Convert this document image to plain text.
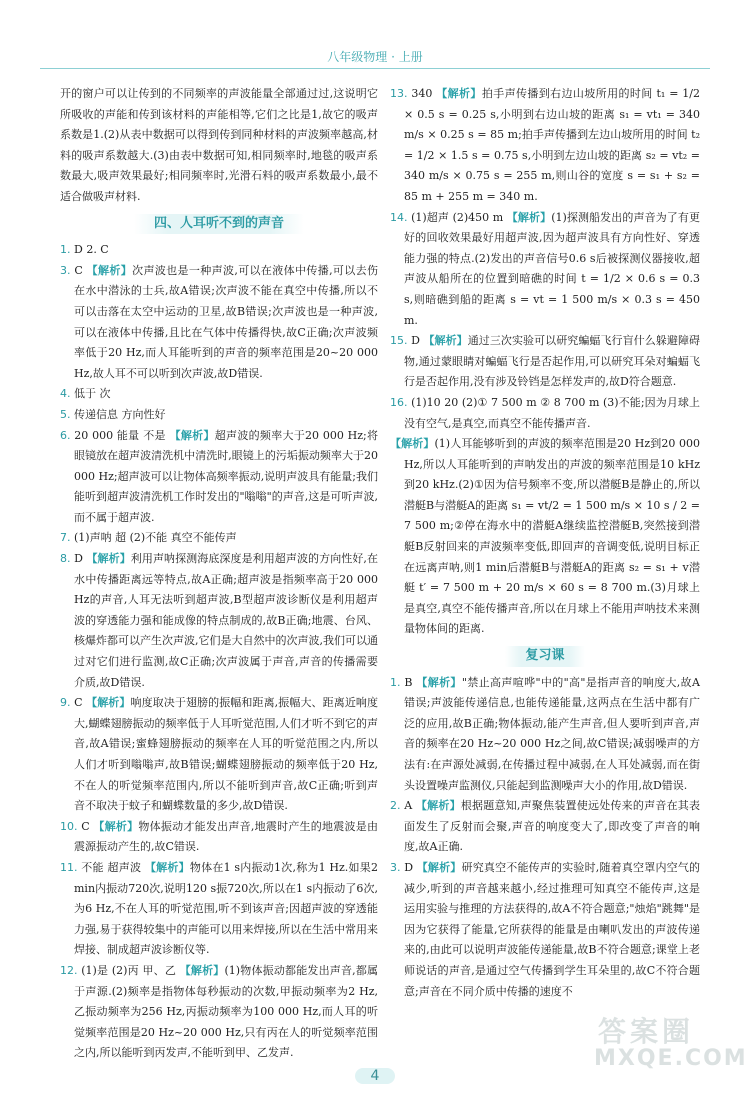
八年级物理 · 上册

开的窗户可以让传到的不同频率的声波能量全部通过过,这说明它所吸收的声能和传到该材料的声能相等,它们之比是1,故它的吸声系数是1.(2)从表中数据可以得到传到同种材料的声波频率越高,材料的吸声系数越大.(3)由表中数据可知,相同频率时,地毯的吸声系数最大,吸声效果最好;相同频率时,光滑石料的吸声系数最小,最不适合做吸声材料.

四、人耳听不到的声音

1. D 2. C

3. C 【解析】次声波也是一种声波,可以在液体中传播,可以去伤在水中潜泳的士兵,故A错误;次声波不能在真空中传播,所以不可以击落在太空中运动的卫星,故B错误;次声波也是一种声波,可以在液体中传播,且比在气体中传播得快,故C正确;次声波频率低于20 Hz,而人耳能听到的声音的频率范围是20~20 000 Hz,故人耳不可以听到次声波,故D错误.

4. 低于 次

5. 传递信息 方向性好

6. 20 000 能量 不是 【解析】超声波的频率大于20 000 Hz;将眼镜放在超声波清洗机中清洗时,眼镜上的污垢振动频率大于20 000 Hz;超声波可以让物体高频率振动,说明声波具有能量;我们能听到超声波清洗机工作时发出的"嗡嗡"的声音,这是可听声波,而不属于超声波.

7. (1)声呐 超 (2)不能 真空不能传声

8. D 【解析】利用声呐探测海底深度是利用超声波的方向性好,在水中传播距离远等特点,故A正确;超声波是指频率高于20 000 Hz的声音,人耳无法听到超声波,B型超声波诊断仪是利用超声波的穿透能力强和能成像的特点制成的,故B正确;地震、台风、核爆炸都可以产生次声波,它们是大自然中的次声波,我们可以通过对它们进行监测,故C正确;次声波属于声音,声音的传播需要介质,故D错误.

9. C 【解析】响度取决于翅膀的振幅和距离,振幅大、距离近响度大,蝴蝶翅膀振动的频率低于人耳听觉范围,人们才听不到它的声音,故A错误;蜜蜂翅膀振动的频率在人耳的听觉范围之内,所以人们才听到嗡嗡声,故B错误;蝴蝶翅膀振动的频率低于20 Hz,不在人的听觉频率范围内,所以不能听到声音,故C正确;听到声音不取决于蚊子和蝴蝶数量的多少,故D错误.

10. C 【解析】物体振动才能发出声音,地震时产生的地震波是由震源振动产生的,故C错误.

11. 不能 超声波 【解析】物体在1 s内振动1次,称为1 Hz.如果2 min内振动720次,说明120 s振720次,所以在1 s内振动了6次,为6 Hz,不在人耳的听觉范围,听不到该声音;因超声波的穿透能力强,易于获得较集中的声能可以用来焊接,所以在生活中常用来焊接、制成超声波诊断仪等.

12. (1)是 (2)丙 甲、乙 【解析】(1)物体振动都能发出声音,都属于声源.(2)频率是指物体每秒振动的次数,甲振动频率为2 Hz,乙振动频率为256 Hz,丙振动频率为100 000 Hz,而人耳的听觉频率范围是20 Hz~20 000 Hz,只有丙在人的听觉频率范围之内,所以能听到丙发声,不能听到甲、乙发声.

13. 340 【解析】拍手声传播到右边山坡所用的时间 t₁ = 1/2 × 0.5 s = 0.25 s,小明到右边山坡的距离 s₁ = vt₁ = 340 m/s × 0.25 s = 85 m;拍手声传播到左边山坡所用的时间 t₂ = 1/2 × 1.5 s = 0.75 s,小明到左边山坡的距离 s₂ = vt₂ = 340 m/s × 0.75 s = 255 m,则山谷的宽度 s = s₁ + s₂ = 85 m + 255 m = 340 m.

14. (1)超声 (2)450 m 【解析】(1)探测船发出的声音为了有更好的回收效果最好用超声波,因为超声波具有方向性好、穿透能力强的特点.(2)发出的声音信号0.6 s后被探测仪器接收,超声波从船所在的位置到暗礁的时间 t = 1/2 × 0.6 s = 0.3 s,则暗礁到船的距离 s = vt = 1 500 m/s × 0.3 s = 450 m.

15. D 【解析】通过三次实验可以研究蝙蝠飞行盲什么躲避障碍物,通过蒙眼睛对蝙蝠飞行是否起作用,可以研究耳朵对蝙蝠飞行是否起作用,没有涉及铃铛是怎样发声的,故D符合题意.

16. (1)10 20 (2)① 7 500 m ② 8 700 m (3)不能;因为月球上没有空气,是真空,而真空不能传播声音.

【解析】(1)人耳能够听到的声波的频率范围是20 Hz到20 000 Hz,所以人耳能听到的声呐发出的声波的频率范围是10 kHz到20 kHz.(2)①因为信号频率不变,所以潜艇B是静止的,所以潜艇B与潜艇A的距离 s₁ = vt/2 = 1 500 m/s × 10 s / 2 = 7 500 m;②停在海水中的潜艇A继续监控潜艇B,突然接到潜艇B反射回来的声波频率变低,即回声的音调变低,说明目标正在远离声呐,则1 min后潜艇B与潜艇A的距离 s₂ = s₁ + v潜艇 t′ = 7 500 m + 20 m/s × 60 s = 8 700 m.(3)月球上是真空,真空不能传播声音,所以在月球上不能用声呐技术来测量物体间的距离.

复习课

1. B 【解析】"禁止高声喧哗"中的"高"是指声音的响度大,故A错误;声波能传递信息,也能传递能量,这两点在生活中都有广泛的应用,故B正确;物体振动,能产生声音,但人要听到声音,声音的频率在20 Hz~20 000 Hz之间,故C错误;减弱噪声的方法有:在声源处减弱,在传播过程中减弱,在人耳处减弱,而在街头设置噪声监测仪,只能起到监测噪声大小的作用,故D错误.

2. A 【解析】根据题意知,声聚焦装置使远处传来的声音在其表面发生了反射而会聚,声音的响度变大了,即改变了声音的响度,故A正确.

3. D 【解析】研究真空不能传声的实验时,随着真空罩内空气的减少,听到的声音越来越小,经过推理可知真空不能传声,这是运用实验与推理的方法获得的,故A不符合题意;"烛焰"跳舞"是因为它获得了能量,它所获得的能量是由喇叭发出的声波传递来的,由此可以说明声波能传递能量,故B不符合题意;课堂上老师说话的声音,是通过空气传播到学生耳朵里的,故C不符合题意;声音在不同介质中传播的速度不

4
答案圈
MXQE.COM
